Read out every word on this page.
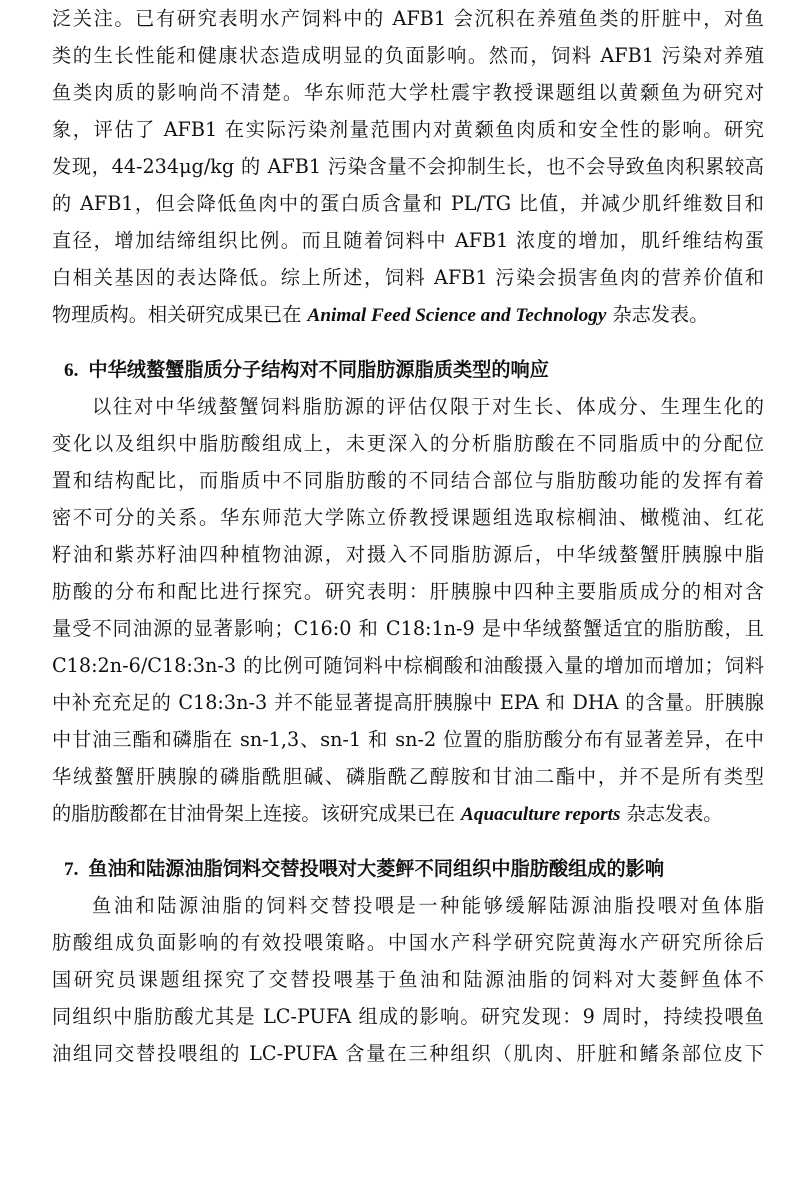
泛关注。已有研究表明水产饲料中的 AFB1 会沉积在养殖鱼类的肝脏中，对鱼
类的生长性能和健康状态造成明显的负面影响。然而，饲料 AFB1 污染对养殖
鱼类肉质的影响尚不清楚。华东师范大学杜震宇教授课题组以黄颡鱼为研究对
象，评估了 AFB1 在实际污染剂量范围内对黄颡鱼肉质和安全性的影响。研究
发现，44-234μg/kg 的 AFB1 污染含量不会抑制生长，也不会导致鱼肉积累较高
的 AFB1，但会降低鱼肉中的蛋白质含量和 PL/TG 比值，并减少肌纤维数目和
直径，增加结缔组织比例。而且随着饲料中 AFB1 浓度的增加，肌纤维结构蛋
白相关基因的表达降低。综上所述，饲料 AFB1 污染会损害鱼肉的营养价值和
物理质构。相关研究成果已在 Animal Feed Science and Technology 杂志发表。
6. 中华绒螯蟹脂质分子结构对不同脂肪源脂质类型的响应
以往对中华绒螯蟹饲料脂肪源的评估仅限于对生长、体成分、生理生化的
变化以及组织中脂肪酸组成上，未更深入的分析脂肪酸在不同脂质中的分配位
置和结构配比，而脂质中不同脂肪酸的不同结合部位与脂肪酸功能的发挥有着
密不可分的关系。华东师范大学陈立侨教授课题组选取棕榈油、橄榄油、红花
籽油和紫苏籽油四种植物油源，对摄入不同脂肪源后，中华绒螯蟹肝胰腺中脂
肪酸的分布和配比进行探究。研究表明：肝胰腺中四种主要脂质成分的相对含
量受不同油源的显著影响；C16:0 和 C18:1n-9 是中华绒螯蟹适宜的脂肪酸，且
C18:2n-6/C18:3n-3 的比例可随饲料中棕榈酸和油酸摄入量的增加而增加；饲料
中补充充足的 C18:3n-3 并不能显著提高肝胰腺中 EPA 和 DHA 的含量。肝胰腺
中甘油三酯和磷脂在 sn-1,3、sn-1 和 sn-2 位置的脂肪酸分布有显著差异，在中
华绒螯蟹肝胰腺的磷脂酰胆碱、磷脂酰乙醇胺和甘油二酯中，并不是所有类型
的脂肪酸都在甘油骨架上连接。该研究成果已在 Aquaculture reports 杂志发表。
7. 鱼油和陆源油脂饲料交替投喂对大菱鲆不同组织中脂肪酸组成的影响
鱼油和陆源油脂的饲料交替投喂是一种能够缓解陆源油脂投喂对鱼体脂
肪酸组成负面影响的有效投喂策略。中国水产科学研究院黄海水产研究所徐后
国研究员课题组探究了交替投喂基于鱼油和陆源油脂的饲料对大菱鲆鱼体不
同组织中脂肪酸尤其是 LC-PUFA 组成的影响。研究发现：9 周时，持续投喂鱼
油组同交替投喂组的 LC-PUFA 含量在三种组织（肌肉、肝脏和鳍条部位皮下
